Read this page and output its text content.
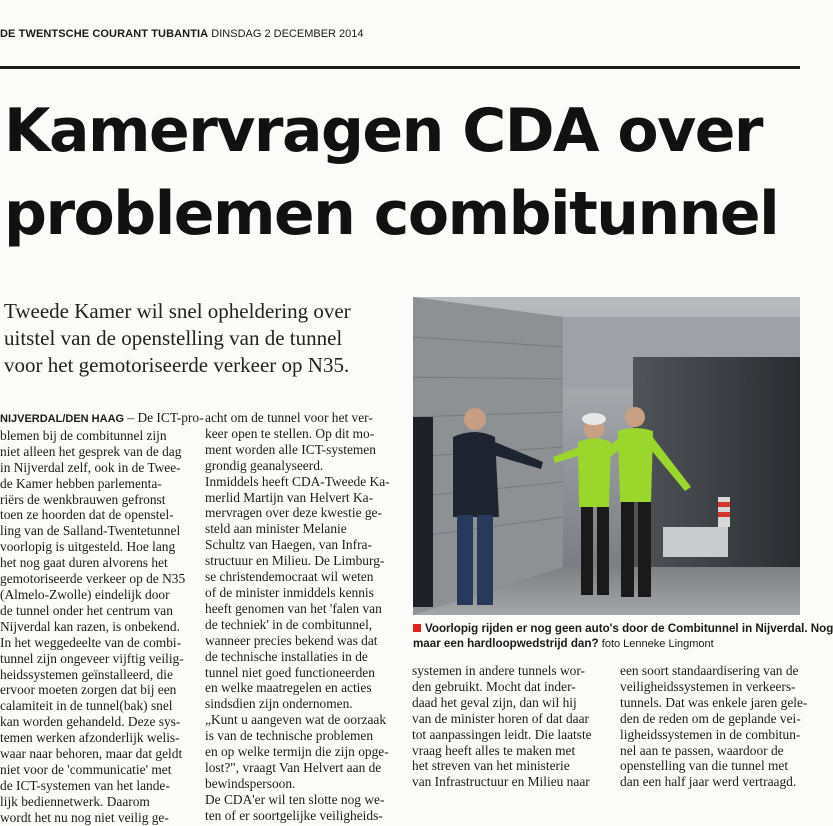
DE TWENTSCHE COURANT TUBANTIA DINSDAG 2 DECEMBER 2014
Kamervragen CDA over
problemen combitunnel
Tweede Kamer wil snel opheldering over
uitstel van de openstelling van de tunnel
voor het gemotoriseerde verkeer op N35.
NIJVERDAL/DEN HAAG – De ICT-pro-
blemen bij de combitunnel zijn
niet alleen het gesprek van de dag
in Nijverdal zelf, ook in de Twee-
de Kamer hebben parlementa-
riërs de wenkbrauwen gefronst
toen ze hoorden dat de openstel-
ling van de Salland-Twentetunnel
voorlopig is uitgesteld. Hoe lang
het nog gaat duren alvorens het
gemotoriseerde verkeer op de N35
(Almelo-Zwolle) eindelijk door
de tunnel onder het centrum van
Nijverdal kan razen, is onbekend.
In het weggedeelte van de combi-
tunnel zijn ongeveer vijftig veilig-
heidssystemen geïnstalleerd, die
ervoor moeten zorgen dat bij een
calamiteit in de tunnel(bak) snel
kan worden gehandeld. Deze sys-
temen werken afzonderlijk welis-
waar naar behoren, maar dat geldt
niet voor de 'communicatie' met
de ICT-systemen van het lande-
lijk bediennetwerk. Daarom
wordt het nu nog niet veilig ge-
acht om de tunnel voor het ver-
keer open te stellen. Op dit mo-
ment worden alle ICT-systemen
grondig geanalyseerd.
Inmiddels heeft CDA-Tweede Ka-
merlid Martijn van Helvert Ka-
mervragen over deze kwestie ge-
steld aan minister Melanie
Schultz van Haegen, van Infra-
structuur en Milieu. De Limburg-
se christendemocraat wil weten
of de minister inmiddels kennis
heeft genomen van het 'falen van
de techniek' in de combitunnel,
wanneer precies bekend was dat
de technische installaties in de
tunnel niet goed functioneerden
en welke maatregelen en acties
sindsdien zijn ondernomen.
„Kunt u aangeven wat de oorzaak
is van de technische problemen
en op welke termijn die zijn opge-
lost?", vraagt Van Helvert aan de
bewindspersoon.
De CDA'er wil ten slotte nog we-
ten of er soortgelijke veiligheids-
systemen in andere tunnels wor-
den gebruikt. Mocht dat inder-
daad het geval zijn, dan wil hij
van de minister horen of dat daar
tot aanpassingen leidt. Die laatste
vraag heeft alles te maken met
het streven van het ministerie
van Infrastructuur en Milieu naar
een soort standaardisering van de
veiligheidssystemen in verkeers-
tunnels. Dat was enkele jaren gele-
den de reden om de geplande vei-
ligheidssystemen in de combitun-
nel aan te passen, waardoor de
openstelling van die tunnel met
dan een half jaar werd vertraagd.
Voorlopig rijden er nog geen auto's door de Combitunnel in Nijverdal. Nog
maar een hardloopwedstrijd dan? foto Lenneke Lingmont
